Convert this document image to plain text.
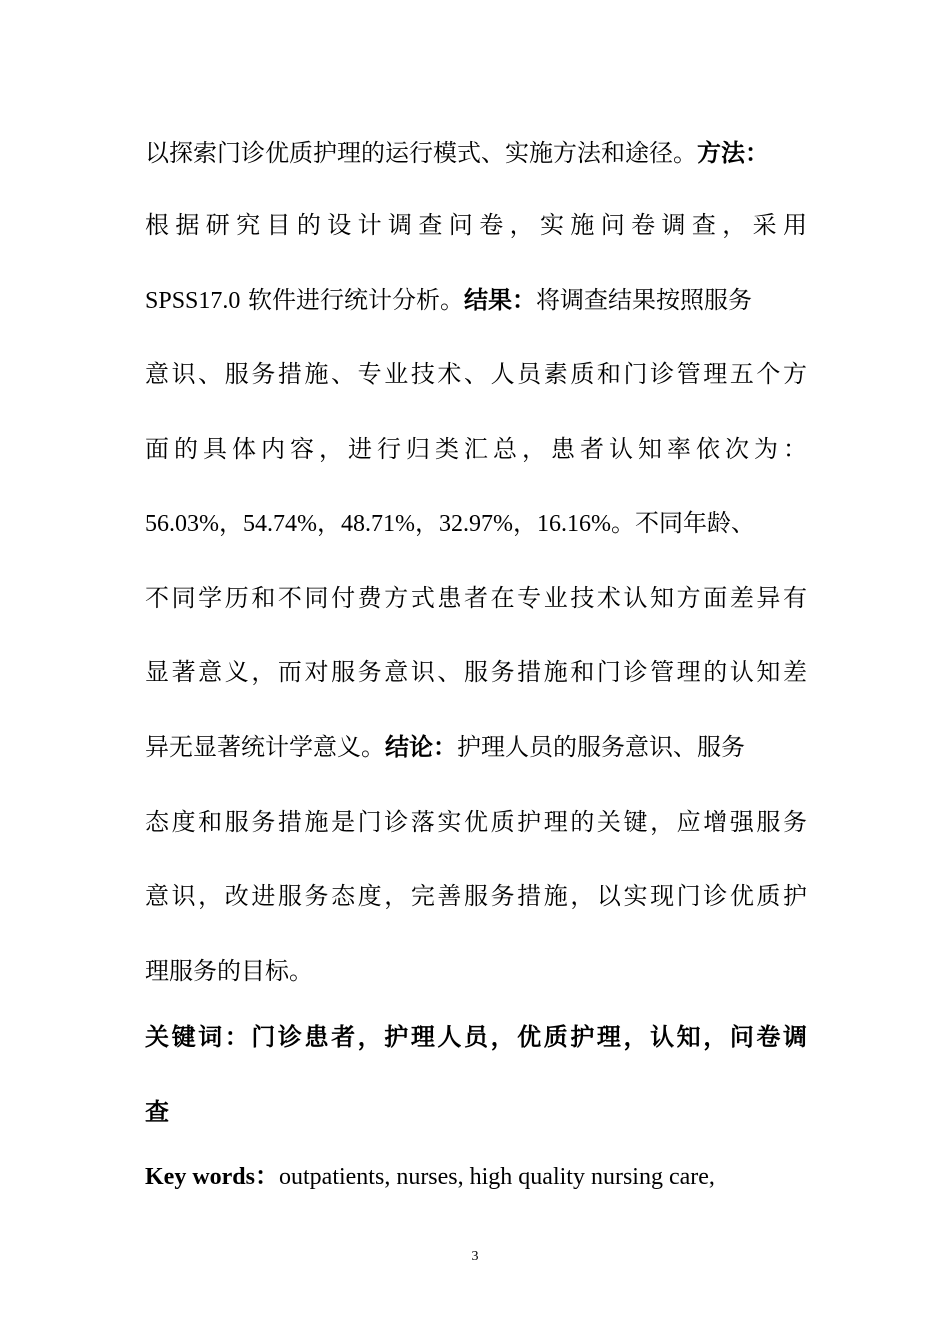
以探索门诊优质护理的运行模式、实施方法和途径。方法：
根据研究目的设计调查问卷，实施问卷调查，采用
SPSS17.0 软件进行统计分析。结果：将调查结果按照服务
意识、服务措施、专业技术、人员素质和门诊管理五个方
面的具体内容，进行归类汇总，患者认知率依次为：
56.03%，54.74%，48.71%，32.97%，16.16%。不同年龄、
不同学历和不同付费方式患者在专业技术认知方面差异有
显著意义，而对服务意识、服务措施和门诊管理的认知差
异无显著统计学意义。结论：护理人员的服务意识、服务
态度和服务措施是门诊落实优质护理的关键，应增强服务
意识，改进服务态度，完善服务措施，以实现门诊优质护
理服务的目标。
关键词：门诊患者，护理人员，优质护理，认知，问卷调
查
Key words：outpatients, nurses, high quality nursing care,
3
